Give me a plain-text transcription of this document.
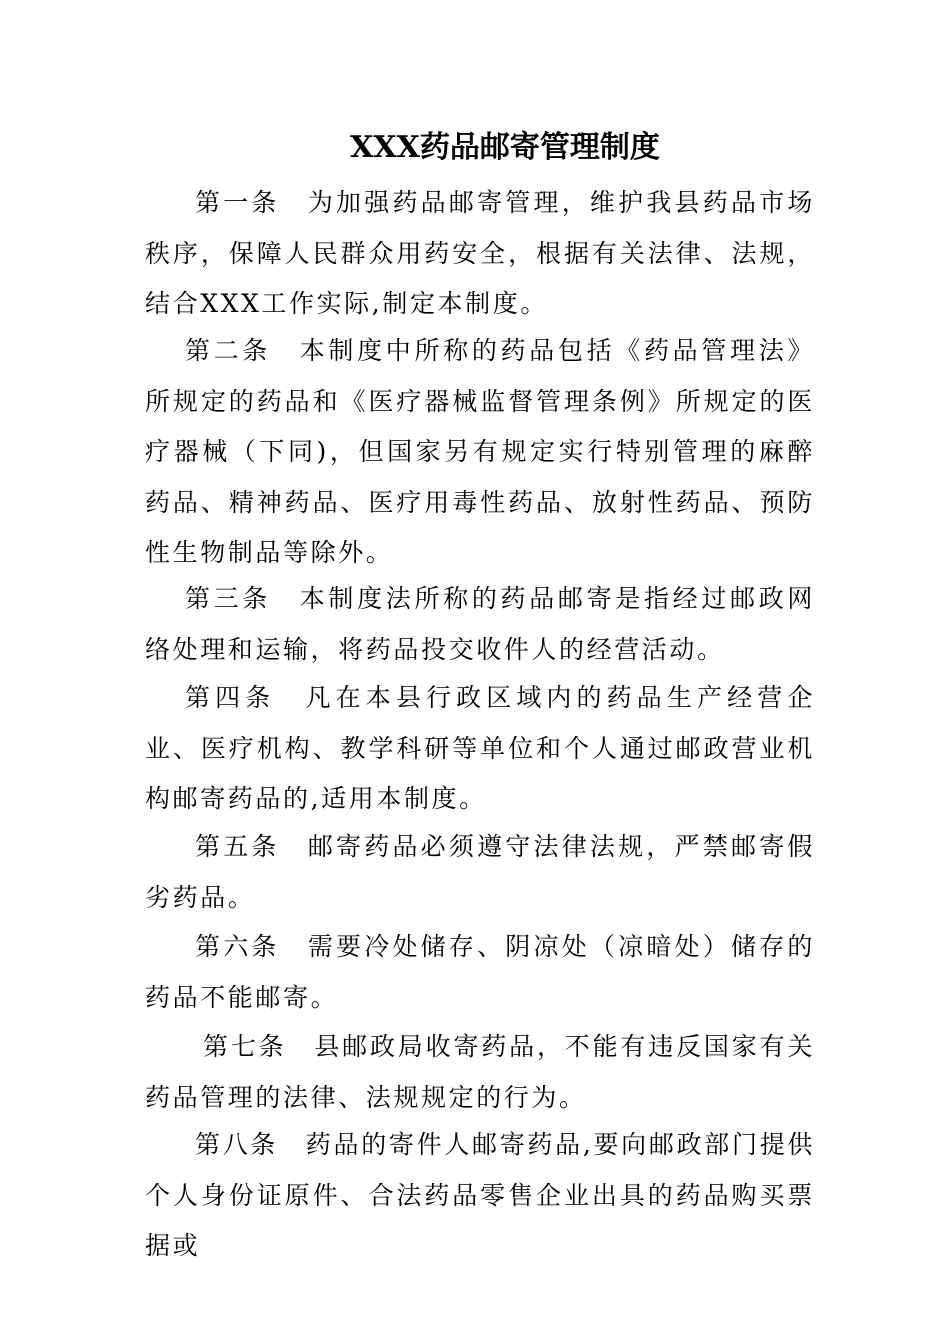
XXX药品邮寄管理制度

第一条　为加强药品邮寄管理，维护我县药品市场秩序，保障人民群众用药安全，根据有关法律、法规，结合XXX工作实际,制定本制度。

第二条　本制度中所称的药品包括《药品管理法》所规定的药品和《医疗器械监督管理条例》所规定的医疗器械（下同)，但国家另有规定实行特别管理的麻醉药品、精神药品、医疗用毒性药品、放射性药品、预防性生物制品等除外。

第三条　本制度法所称的药品邮寄是指经过邮政网络处理和运输，将药品投交收件人的经营活动。

第四条　凡在本县行政区域内的药品生产经营企业、医疗机构、教学科研等单位和个人通过邮政营业机构邮寄药品的,适用本制度。

第五条　邮寄药品必须遵守法律法规，严禁邮寄假劣药品。

第六条　需要冷处储存、阴凉处（凉暗处）储存的药品不能邮寄。

第七条　县邮政局收寄药品，不能有违反国家有关药品管理的法律、法规规定的行为。

第八条　药品的寄件人邮寄药品,要向邮政部门提供个人身份证原件、合法药品零售企业出具的药品购买票据或
